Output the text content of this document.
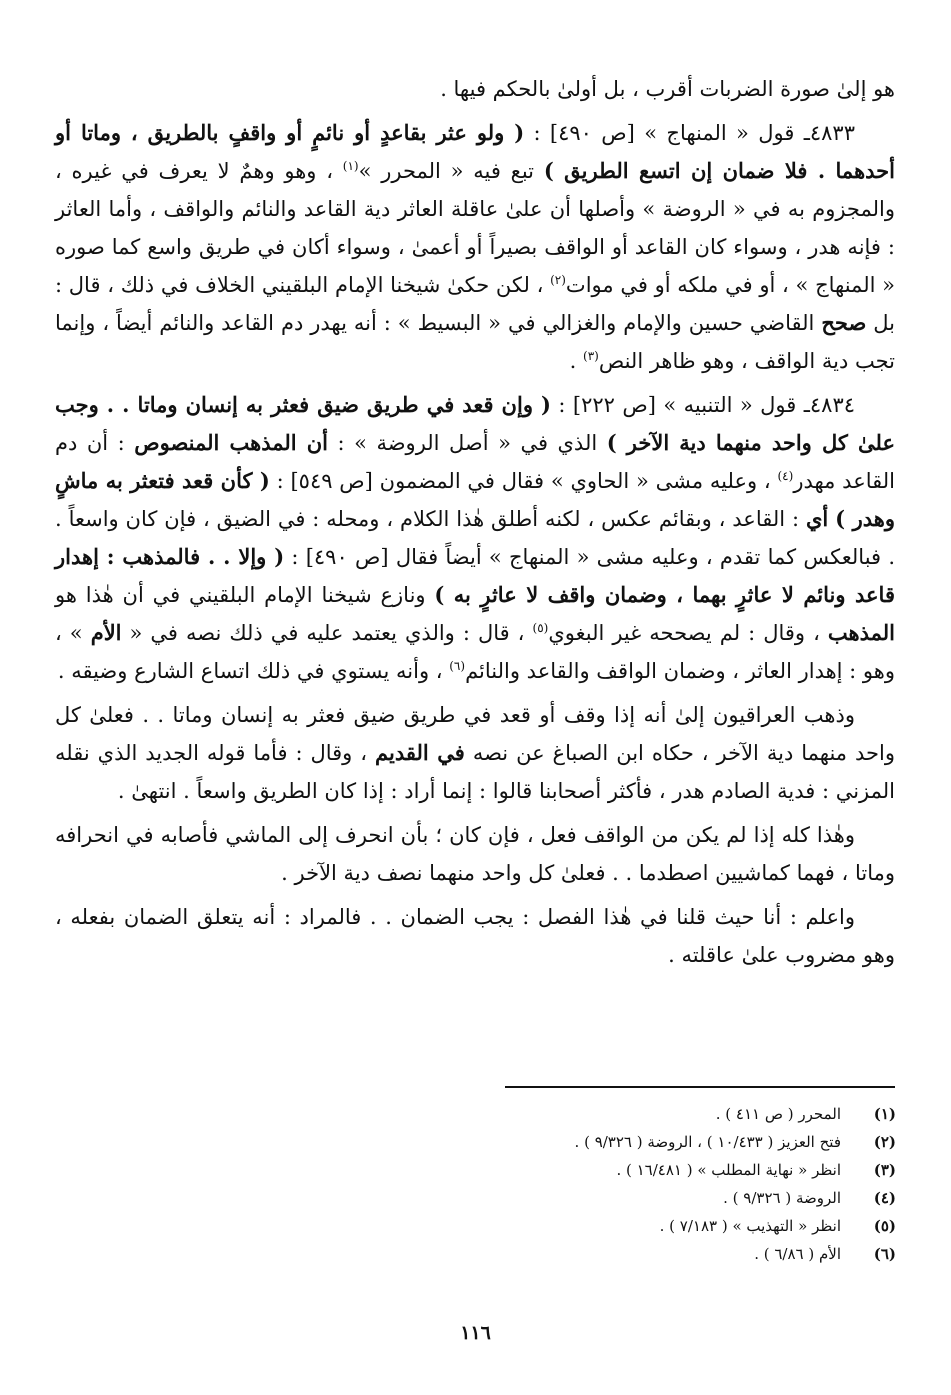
هو إلىٰ صورة الضربات أقرب ، بل أولىٰ بالحكم فيها .

٤٨٣٣ـ قول « المنهاج » [ص ٤٩٠] : ( ولو عثر بقاعدٍ أو نائمٍ أو واقفٍ بالطريق ، وماتا أو أحدهما . فلا ضمان إن اتسع الطريق ) تبع فيه « المحرر »$^{(١)}$ ، وهو وهمٌ لا يعرف في غيره ، والمجزوم به في « الروضة » وأصلها أن علىٰ عاقلة العاثر دية القاعد والنائم والواقف ، وأما العاثر : فإنه هدر ، وسواء كان القاعد أو الواقف بصيراً أو أعمىٰ ، وسواء أكان في طريق واسع كما صوره « المنهاج » ، أو في ملكه أو في موات$^{(٢)}$ ، لكن حكىٰ شيخنا الإمام البلقيني الخلاف في ذلك ، قال : بل صحح القاضي حسين والإمام والغزالي في « البسيط » : أنه يهدر دم القاعد والنائم أيضاً ، وإنما تجب دية الواقف ، وهو ظاهر النص$^{(٣)}$ .

٤٨٣٤ـ قول « التنبيه » [ص ٢٢٢] : ( وإن قعد في طريق ضيق فعثر به إنسان وماتا . . وجب علىٰ كل واحد منهما دية الآخر ) الذي في « أصل الروضة » : أن المذهب المنصوص : أن دم القاعد مهدر$^{(٤)}$ ، وعليه مشى « الحاوي » فقال في المضمون [ص ٥٤٩] : ( كأن قعد فتعثر به ماشٍ وهدر ) أي : القاعد ، وبقائم عكس ، لكنه أطلق هٰذا الكلام ، ومحله : في الضيق ، فإن كان واسعاً . . فبالعكس كما تقدم ، وعليه مشى « المنهاج » أيضاً فقال [ص ٤٩٠] : ( وإلا . . فالمذهب : إهدار قاعد ونائم لا عاثرٍ بهما ، وضمان واقف لا عاثرٍ به ) ونازع شيخنا الإمام البلقيني في أن هٰذا هو المذهب ، وقال : لم يصححه غير البغوي$^{(٥)}$ ، قال : والذي يعتمد عليه في ذلك نصه في « الأم » ، وهو : إهدار العاثر ، وضمان الواقف والقاعد والنائم$^{(٦)}$ ، وأنه يستوي في ذلك اتساع الشارع وضيقه .

وذهب العراقيون إلىٰ أنه إذا وقف أو قعد في طريق ضيق فعثر به إنسان وماتا . . فعلىٰ كل واحد منهما دية الآخر ، حكاه ابن الصباغ عن نصه في القديم ، وقال : فأما قوله الجديد الذي نقله المزني : فدية الصادم هدر ، فأكثر أصحابنا قالوا : إنما أراد : إذا كان الطريق واسعاً . انتهىٰ .

وهٰذا كله إذا لم يكن من الواقف فعل ، فإن كان ؛ بأن انحرف إلى الماشي فأصابه في انحرافه وماتا ، فهما كماشيين اصطدما . . فعلىٰ كل واحد منهما نصف دية الآخر .

واعلم : أنا حيث قلنا في هٰذا الفصل : يجب الضمان . . فالمراد : أنه يتعلق الضمان بفعله ، وهو مضروب علىٰ عاقلته .

(١)المحرر ( ص ٤١١ ) .
(٢)فتح العزيز ( ١٠/٤٣٣ ) ، الروضة ( ٩/٣٢٦ ) .
(٣)انظر « نهاية المطلب » ( ١٦/٤٨١ ) .
(٤)الروضة ( ٩/٣٢٦ ) .
(٥)انظر « التهذيب » ( ٧/١٨٣ ) .
(٦)الأم ( ٦/٨٦ ) .
١١٦
